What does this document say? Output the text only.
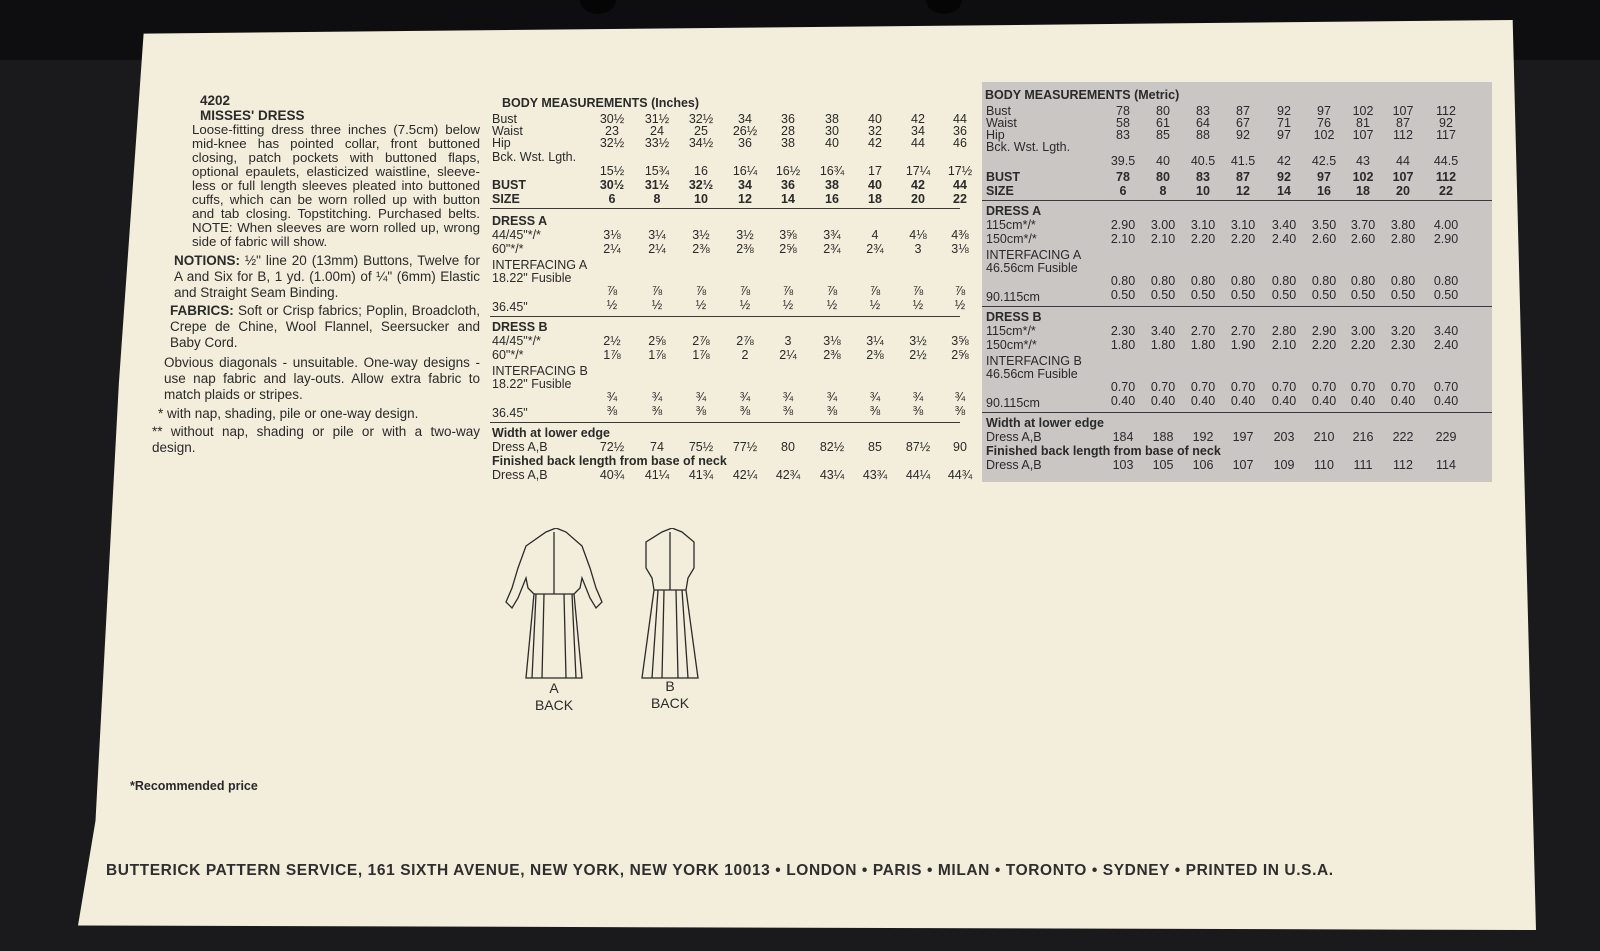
4202
MISSES' DRESS

Loose-fitting dress three inches (7.5cm) below mid-knee has pointed collar, front buttoned closing, patch pockets with buttoned flaps, optional epaulets, elasticized waistline, sleeve-less or full length sleeves pleated into buttoned cuffs, which can be worn rolled up with button and tab closing. Topstitching. Purchased belts. NOTE: When sleeves are worn rolled up, wrong side of fabric will show.

NOTIONS: ½" line 20 (13mm) Buttons, Twelve for A and Six for B, 1 yd. (1.00m) of ¼" (6mm) Elastic and Straight Seam Binding.

FABRICS: Soft or Crisp fabrics; Poplin, Broadcloth, Crepe de Chine, Wool Flannel, Seersucker and Baby Cord.

Obvious diagonals - unsuitable. One-way designs -use nap fabric and lay-outs. Allow extra fabric to match plaids or stripes.

* with nap, shading, pile or one-way design.

** without nap, shading or pile or with a two-way design.

*Recommended price
BODY MEASUREMENTS (Inches)
Bust	30½	31½	32½	34	36	38	40	42	44
Waist	23	24	25	26½	28	30	32	34	36
Hip	32½	33½	34½	36	38	40	42	44	46
Bck. Wst. Lgth.
15½	15¾	16	16¼	16½	16¾	17	17¼	17½
BUST	30½	31½	32½	34	36	38	40	42	44
SIZE	6	8	10	12	14	16	18	20	22
DRESS A
44/45"*/*	3⅛	3¼	3½	3½	3⅝	3¾	4	4⅛	4⅜
60"*/*	2¼	2¼	2⅜	2⅜	2⅝	2¾	2¾	3	3⅛
INTERFACING A
18.22" Fusible
⅞	⅞	⅞	⅞	⅞	⅞	⅞	⅞	⅞
36.45"	½	½	½	½	½	½	½	½	½
DRESS B
44/45"*/*	2½	2⅝	2⅞	2⅞	3	3⅛	3¼	3½	3⅝
60"*/*	1⅞	1⅞	1⅞	2	2¼	2⅜	2⅜	2½	2⅝
INTERFACING B
18.22" Fusible
¾	¾	¾	¾	¾	¾	¾	¾	¾
36.45"	⅜	⅜	⅜	⅜	⅜	⅜	⅜	⅜	⅜
Width at lower edge
Dress A,B	72½	74	75½	77½	80	82½	85	87½	90
Finished back length from base of neck
Dress A,B	40¾	41¼	41¾	42¼	42¾	43¼	43¾	44¼	44¾
BODY MEASUREMENTS (Metric)
Bust	78	80	83	87	92	97	102	107	112
Waist	58	61	64	67	71	76	81	87	92
Hip	83	85	88	92	97	102	107	112	117
Bck. Wst. Lgth.
39.5	40	40.5	41.5	42	42.5	43	44	44.5
BUST	78	80	83	87	92	97	102	107	112
SIZE	6	8	10	12	14	16	18	20	22
DRESS A
115cm*/*	2.90	3.00	3.10	3.10	3.40	3.50	3.70	3.80	4.00
150cm*/*	2.10	2.10	2.20	2.20	2.40	2.60	2.60	2.80	2.90
INTERFACING A
46.56cm Fusible
0.80	0.80	0.80	0.80	0.80	0.80	0.80	0.80	0.80
90.115cm	0.50	0.50	0.50	0.50	0.50	0.50	0.50	0.50	0.50
DRESS B
115cm*/*	2.30	3.40	2.70	2.70	2.80	2.90	3.00	3.20	3.40
150cm*/*	1.80	1.80	1.80	1.90	2.10	2.20	2.20	2.30	2.40
INTERFACING B
46.56cm Fusible
0.70	0.70	0.70	0.70	0.70	0.70	0.70	0.70	0.70
90.115cm	0.40	0.40	0.40	0.40	0.40	0.40	0.40	0.40	0.40
Width at lower edge
Dress A,B	184	188	192	197	203	210	216	222	229
Finished back length from base of neck
Dress A,B	103	105	106	107	109	110	111	112	114
A
BACK
B
BACK
BUTTERICK PATTERN SERVICE, 161 SIXTH AVENUE, NEW YORK, NEW YORK 10013 • LONDON • PARIS • MILAN • TORONTO • SYDNEY • PRINTED IN U.S.A.
